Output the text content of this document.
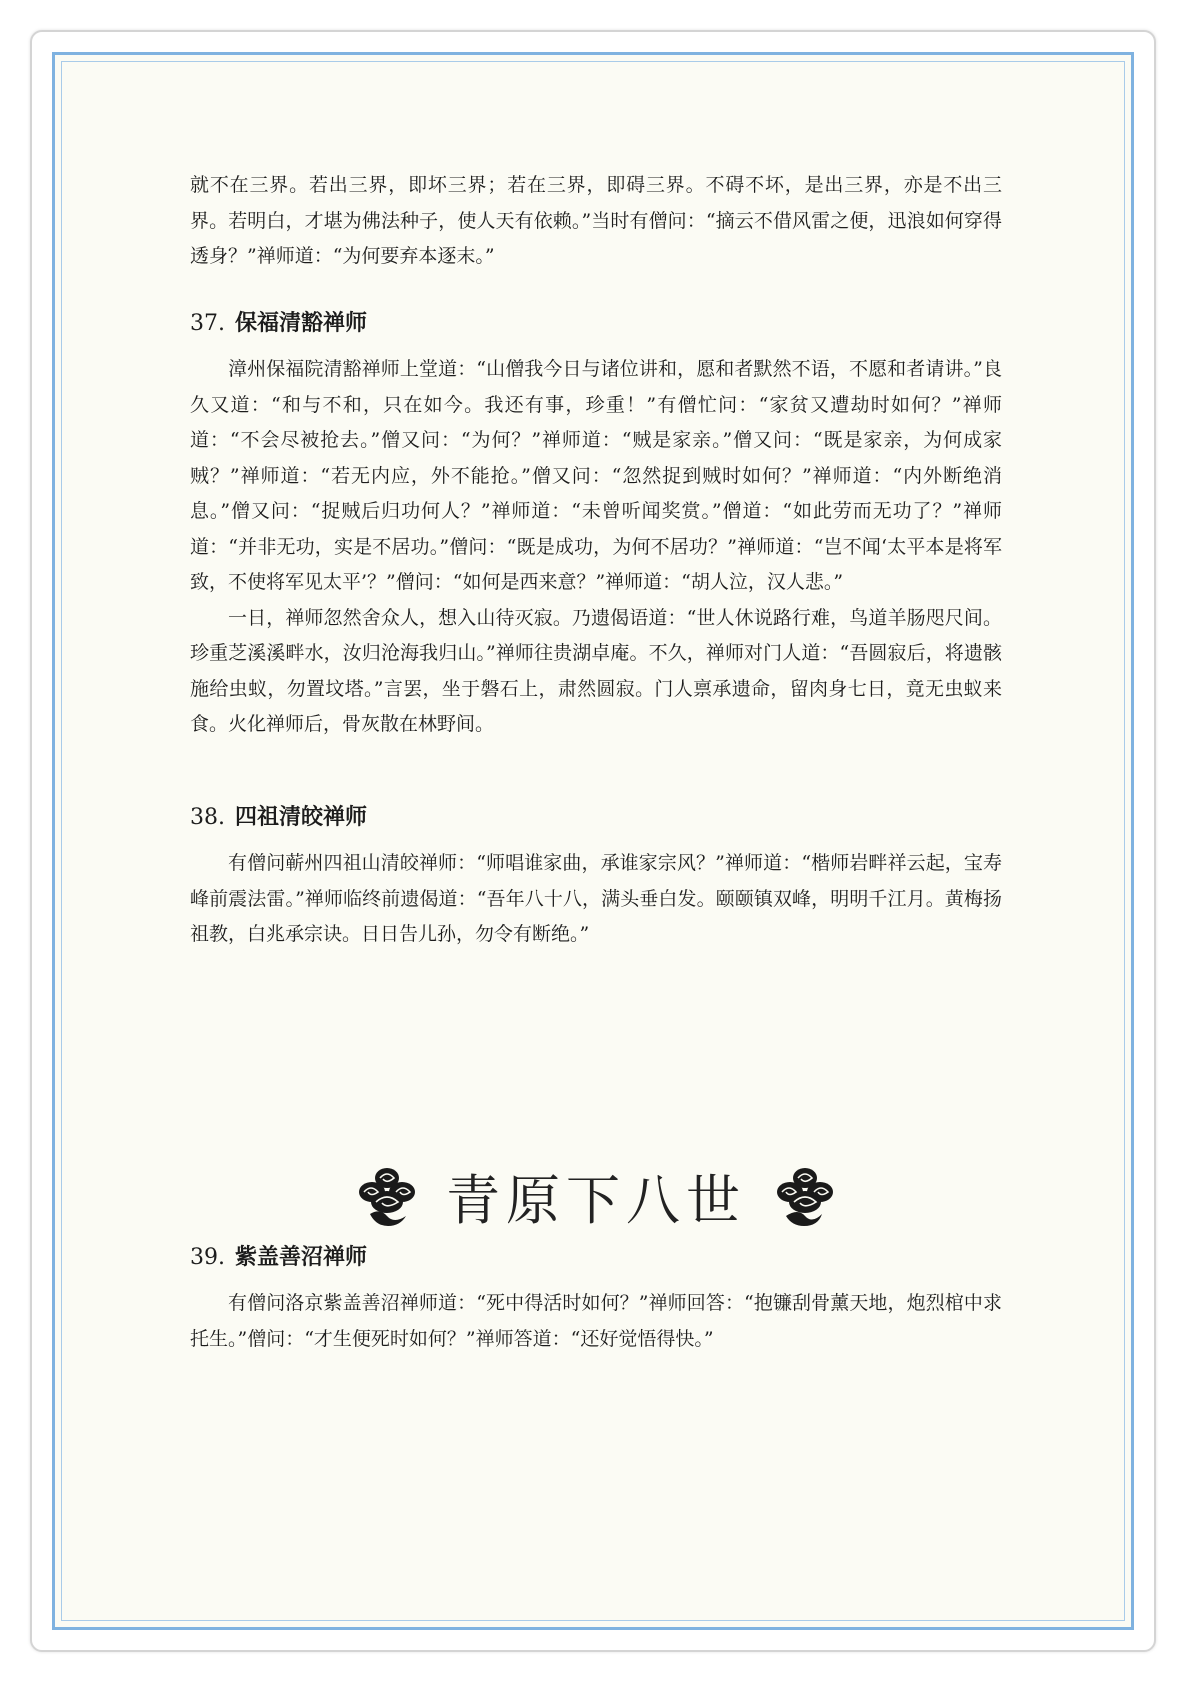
就不在三界。若出三界，即坏三界；若在三界，即碍三界。不碍不坏，是出三界，亦是不出三界。若明白，才堪为佛法种子，使人天有依赖。”当时有僧问：“摘云不借风雷之便，迅浪如何穿得透身？”禅师道：“为何要弃本逐末。”

37. 保福清豁禅师

漳州保福院清豁禅师上堂道：“山僧我今日与诸位讲和，愿和者默然不语，不愿和者请讲。”良久又道：“和与不和，只在如今。我还有事，珍重！”有僧忙问：“家贫又遭劫时如何？”禅师道：“不会尽被抢去。”僧又问：“为何？”禅师道：“贼是家亲。”僧又问：“既是家亲，为何成家贼？”禅师道：“若无内应，外不能抢。”僧又问：“忽然捉到贼时如何？”禅师道：“内外断绝消息。”僧又问：“捉贼后归功何人？”禅师道：“未曾听闻奖赏。”僧道：“如此劳而无功了？”禅师道：“并非无功，实是不居功。”僧问：“既是成功，为何不居功？”禅师道：“岂不闻‘太平本是将军致，不使将军见太平’？”僧问：“如何是西来意？”禅师道：“胡人泣，汉人悲。”

一日，禅师忽然舍众人，想入山待灭寂。乃遗偈语道：“世人休说路行难，鸟道羊肠咫尺间。珍重芝溪溪畔水，汝归沧海我归山。”禅师往贵湖卓庵。不久，禅师对门人道：“吾圆寂后，将遗骸施给虫蚁，勿置坟塔。”言罢，坐于磐石上，肃然圆寂。门人禀承遗命，留肉身七日，竟无虫蚁来食。火化禅师后，骨灰散在林野间。

38. 四祖清皎禅师

有僧问蕲州四祖山清皎禅师：“师唱谁家曲，承谁家宗风？”禅师道：“楷师岩畔祥云起，宝寿峰前震法雷。”禅师临终前遗偈道：“吾年八十八，满头垂白发。颐颐镇双峰，明明千江月。黄梅扬祖教，白兆承宗诀。日日告儿孙，勿令有断绝。”

青原下八世
39. 紫盖善沼禅师

有僧问洛京紫盖善沼禅师道：“死中得活时如何？”禅师回答：“抱镰刮骨薰天地，炮烈棺中求托生。”僧问：“才生便死时如何？”禅师答道：“还好觉悟得快。”
